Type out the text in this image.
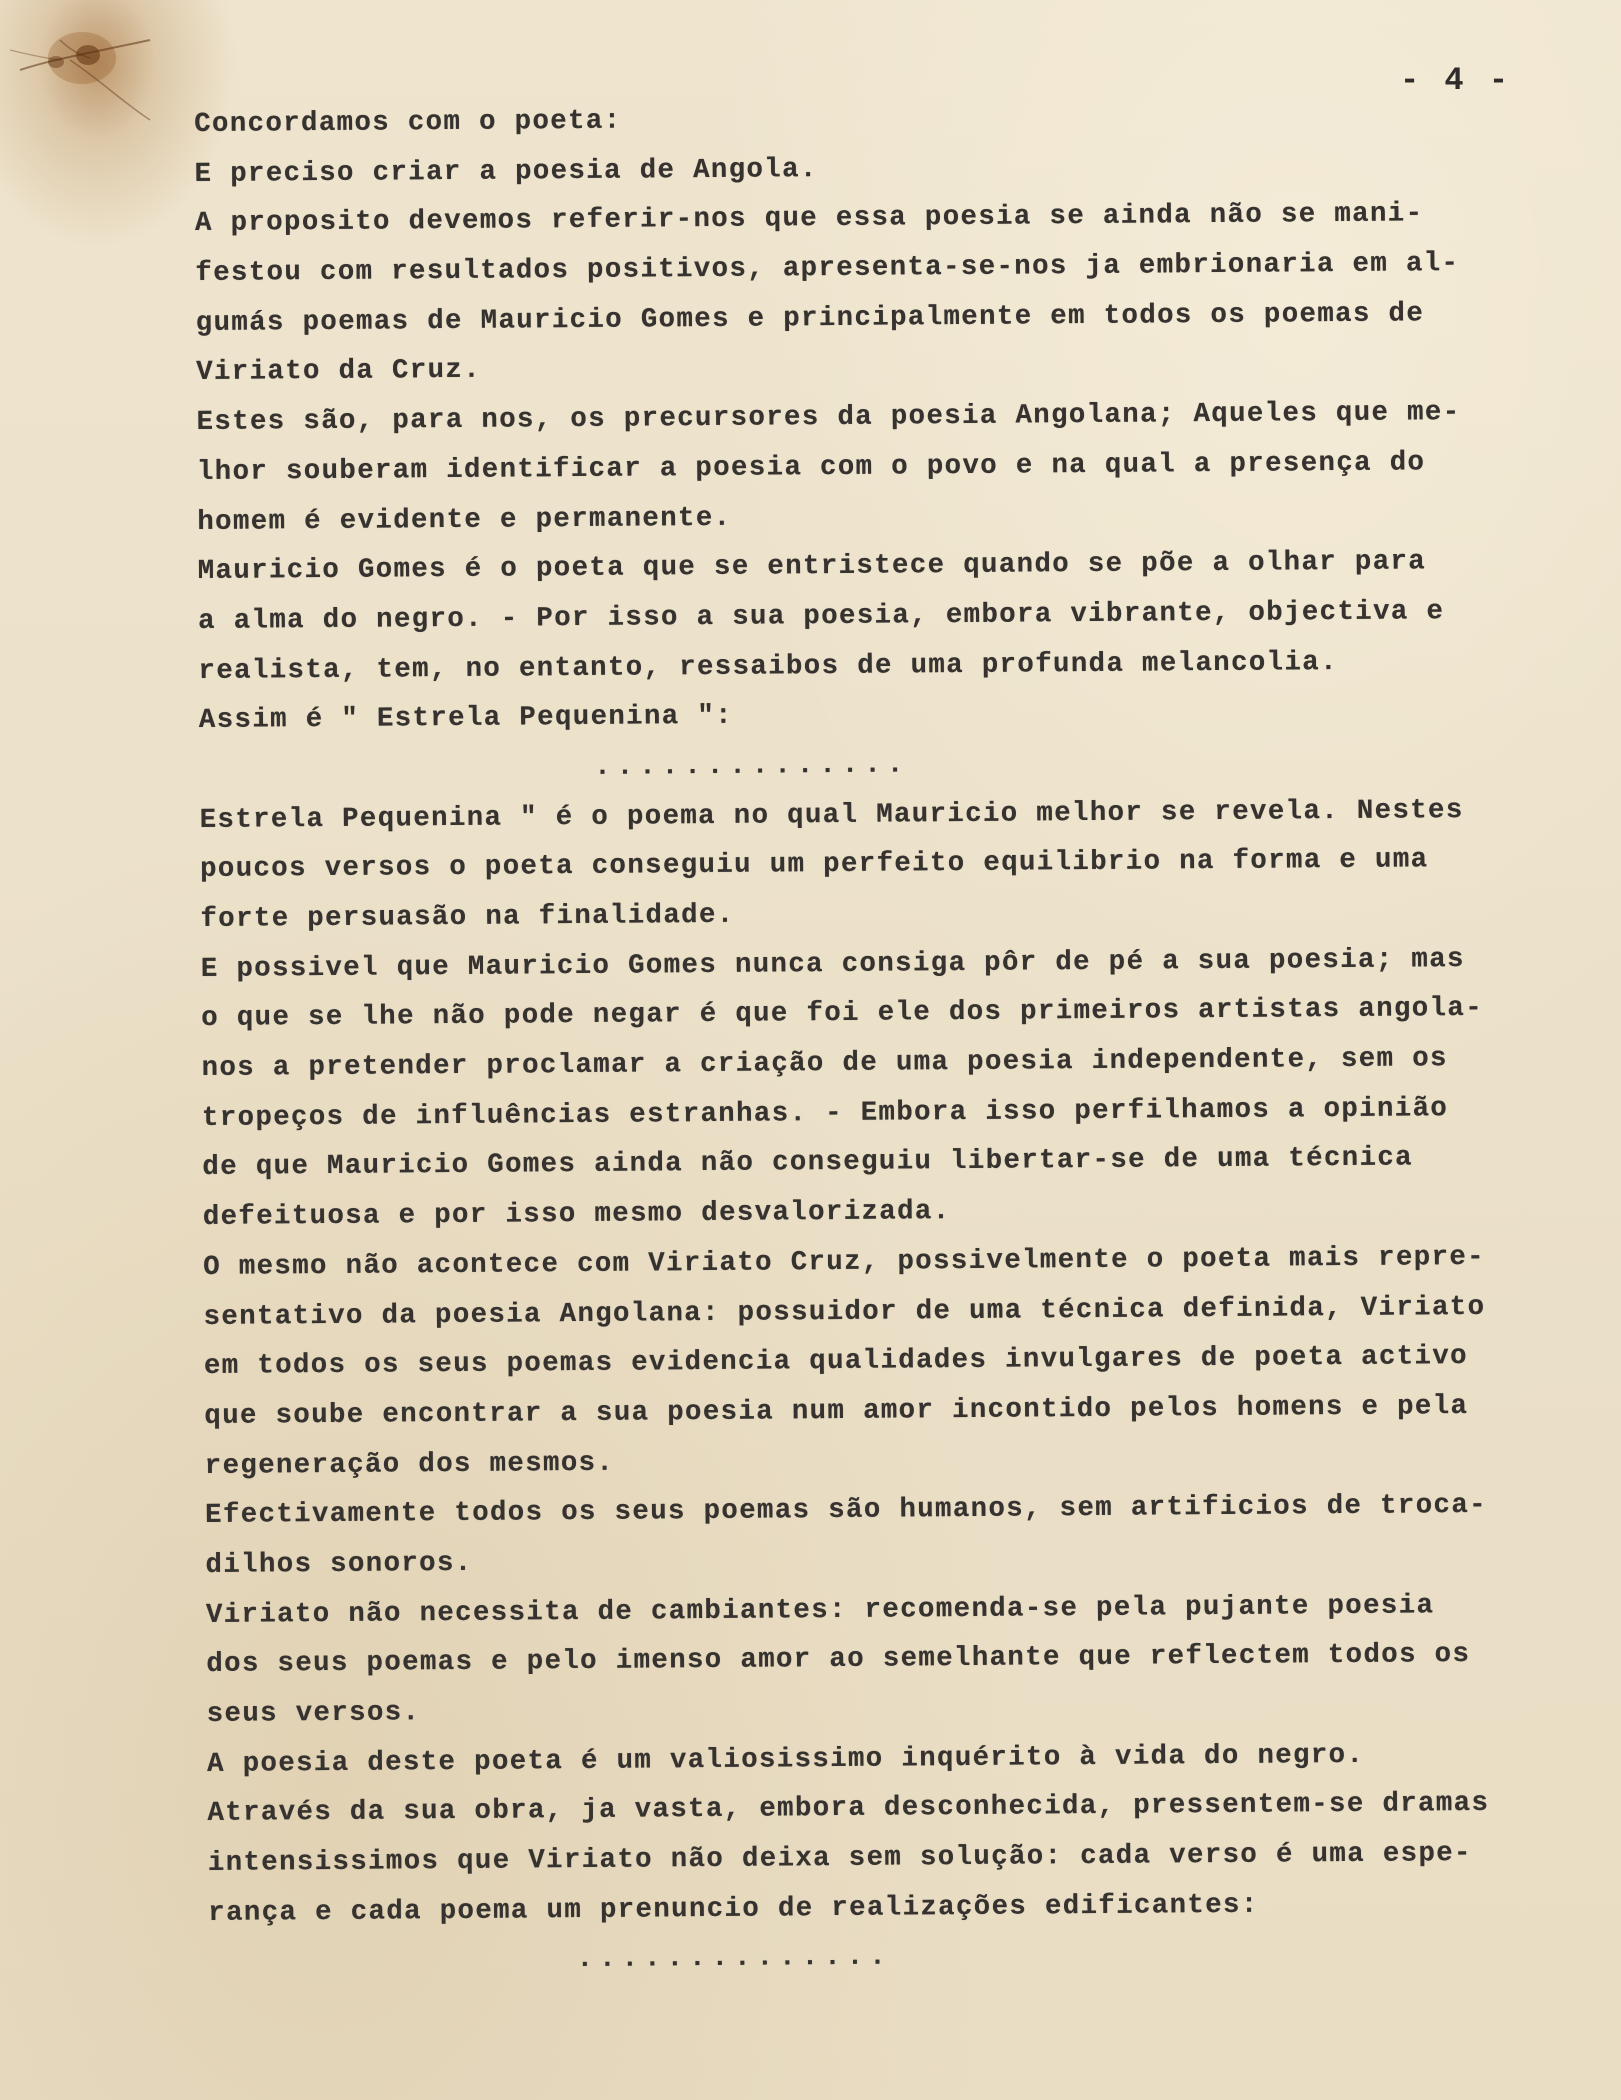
- 4 -

Concordamos com o poeta:

E preciso criar a poesia de Angola.

A proposito devemos referir-nos que essa poesia se ainda não se mani-

festou com resultados positivos, apresenta-se-nos ja embrionaria em al-

gumás poemas de Mauricio Gomes e principalmente em todos os poemas de

Viriato da Cruz.

Estes são, para nos, os precursores da poesia Angolana; Aqueles que me-

lhor souberam identificar a poesia com o povo e na qual a presença do

homem é evidente e permanente.

Mauricio Gomes é o poeta que se entristece quando se põe a olhar para

a alma do negro. - Por isso a sua poesia, embora vibrante, objectiva e

realista, tem, no entanto, ressaibos de uma profunda melancolia.

Assim é " Estrela Pequenina ":

..............

Estrela Pequenina " é o poema no qual Mauricio melhor se revela. Nestes

poucos versos o poeta conseguiu um perfeito equilibrio na forma e uma

forte persuasão na finalidade.

E possivel que Mauricio Gomes nunca consiga pôr de pé a sua poesia; mas

o que se lhe não pode negar é que foi ele dos primeiros artistas angola-

nos a pretender proclamar a criação de uma poesia independente, sem os

tropeços de influências estranhas. - Embora isso perfilhamos a opinião

de que Mauricio Gomes ainda não conseguiu libertar-se de uma técnica

defeituosa e por isso mesmo desvalorizada.

O mesmo não acontece com Viriato Cruz, possivelmente o poeta mais repre-

sentativo da poesia Angolana: possuidor de uma técnica definida, Viriato

em todos os seus poemas evidencia qualidades invulgares de poeta activo

que soube encontrar a sua poesia num amor incontido pelos homens e pela

regeneração dos mesmos.

Efectivamente todos os seus poemas são humanos, sem artificios de troca-

dilhos sonoros.

Viriato não necessita de cambiantes: recomenda-se pela pujante poesia

dos seus poemas e pelo imenso amor ao semelhante que reflectem todos os

seus versos.

A poesia deste poeta é um valiosissimo inquérito à vida do negro.

Através da sua obra, ja vasta, embora desconhecida, pressentem-se dramas

intensissimos que Viriato não deixa sem solução: cada verso é uma espe-

rança e cada poema um prenuncio de realizações edificantes:

..............
